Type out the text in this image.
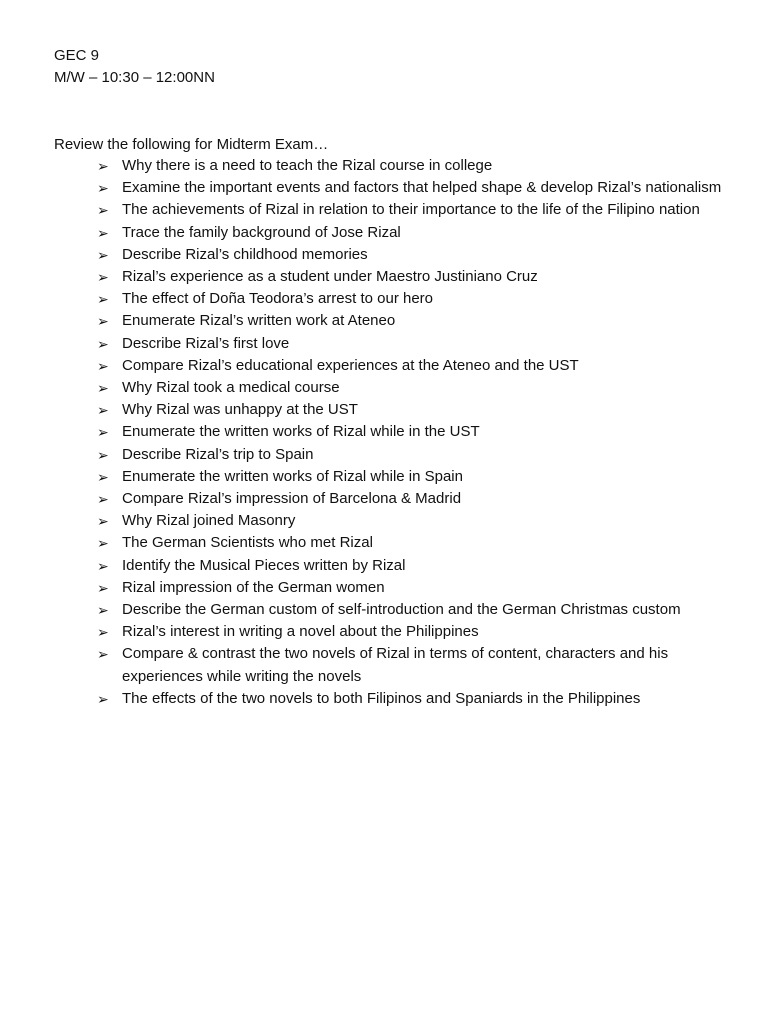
GEC 9
M/W – 10:30 – 12:00NN
Review the following for Midterm Exam…
➢ Why there is a need to teach the Rizal course in college
➢ Examine the important events and factors that helped shape & develop Rizal’s nationalism
➢ The achievements of Rizal in relation to their importance to the life of the Filipino nation
➢ Trace the family background of Jose Rizal
➢ Describe Rizal’s childhood memories
➢ Rizal’s experience as a student under Maestro Justiniano Cruz
➢ The effect of Doña Teodora’s arrest to our hero
➢ Enumerate Rizal’s written work at Ateneo
➢ Describe Rizal’s first love
➢ Compare Rizal’s educational experiences at the Ateneo and the UST
➢ Why Rizal took a medical course
➢ Why Rizal was unhappy at the UST
➢ Enumerate the written works of Rizal while in the UST
➢ Describe Rizal’s trip to Spain
➢ Enumerate the written works of Rizal while in Spain
➢ Compare Rizal’s impression of Barcelona & Madrid
➢ Why Rizal joined Masonry
➢ The German Scientists who met Rizal
➢ Identify the Musical Pieces written by Rizal
➢ Rizal impression of the German women
➢ Describe the German custom of self-introduction and the German Christmas custom
➢ Rizal’s interest in writing a novel about the Philippines
➢ Compare & contrast the two novels of Rizal in terms of content, characters and his experiences while writing the novels
➢ The effects of the two novels to both Filipinos and Spaniards in the Philippines
